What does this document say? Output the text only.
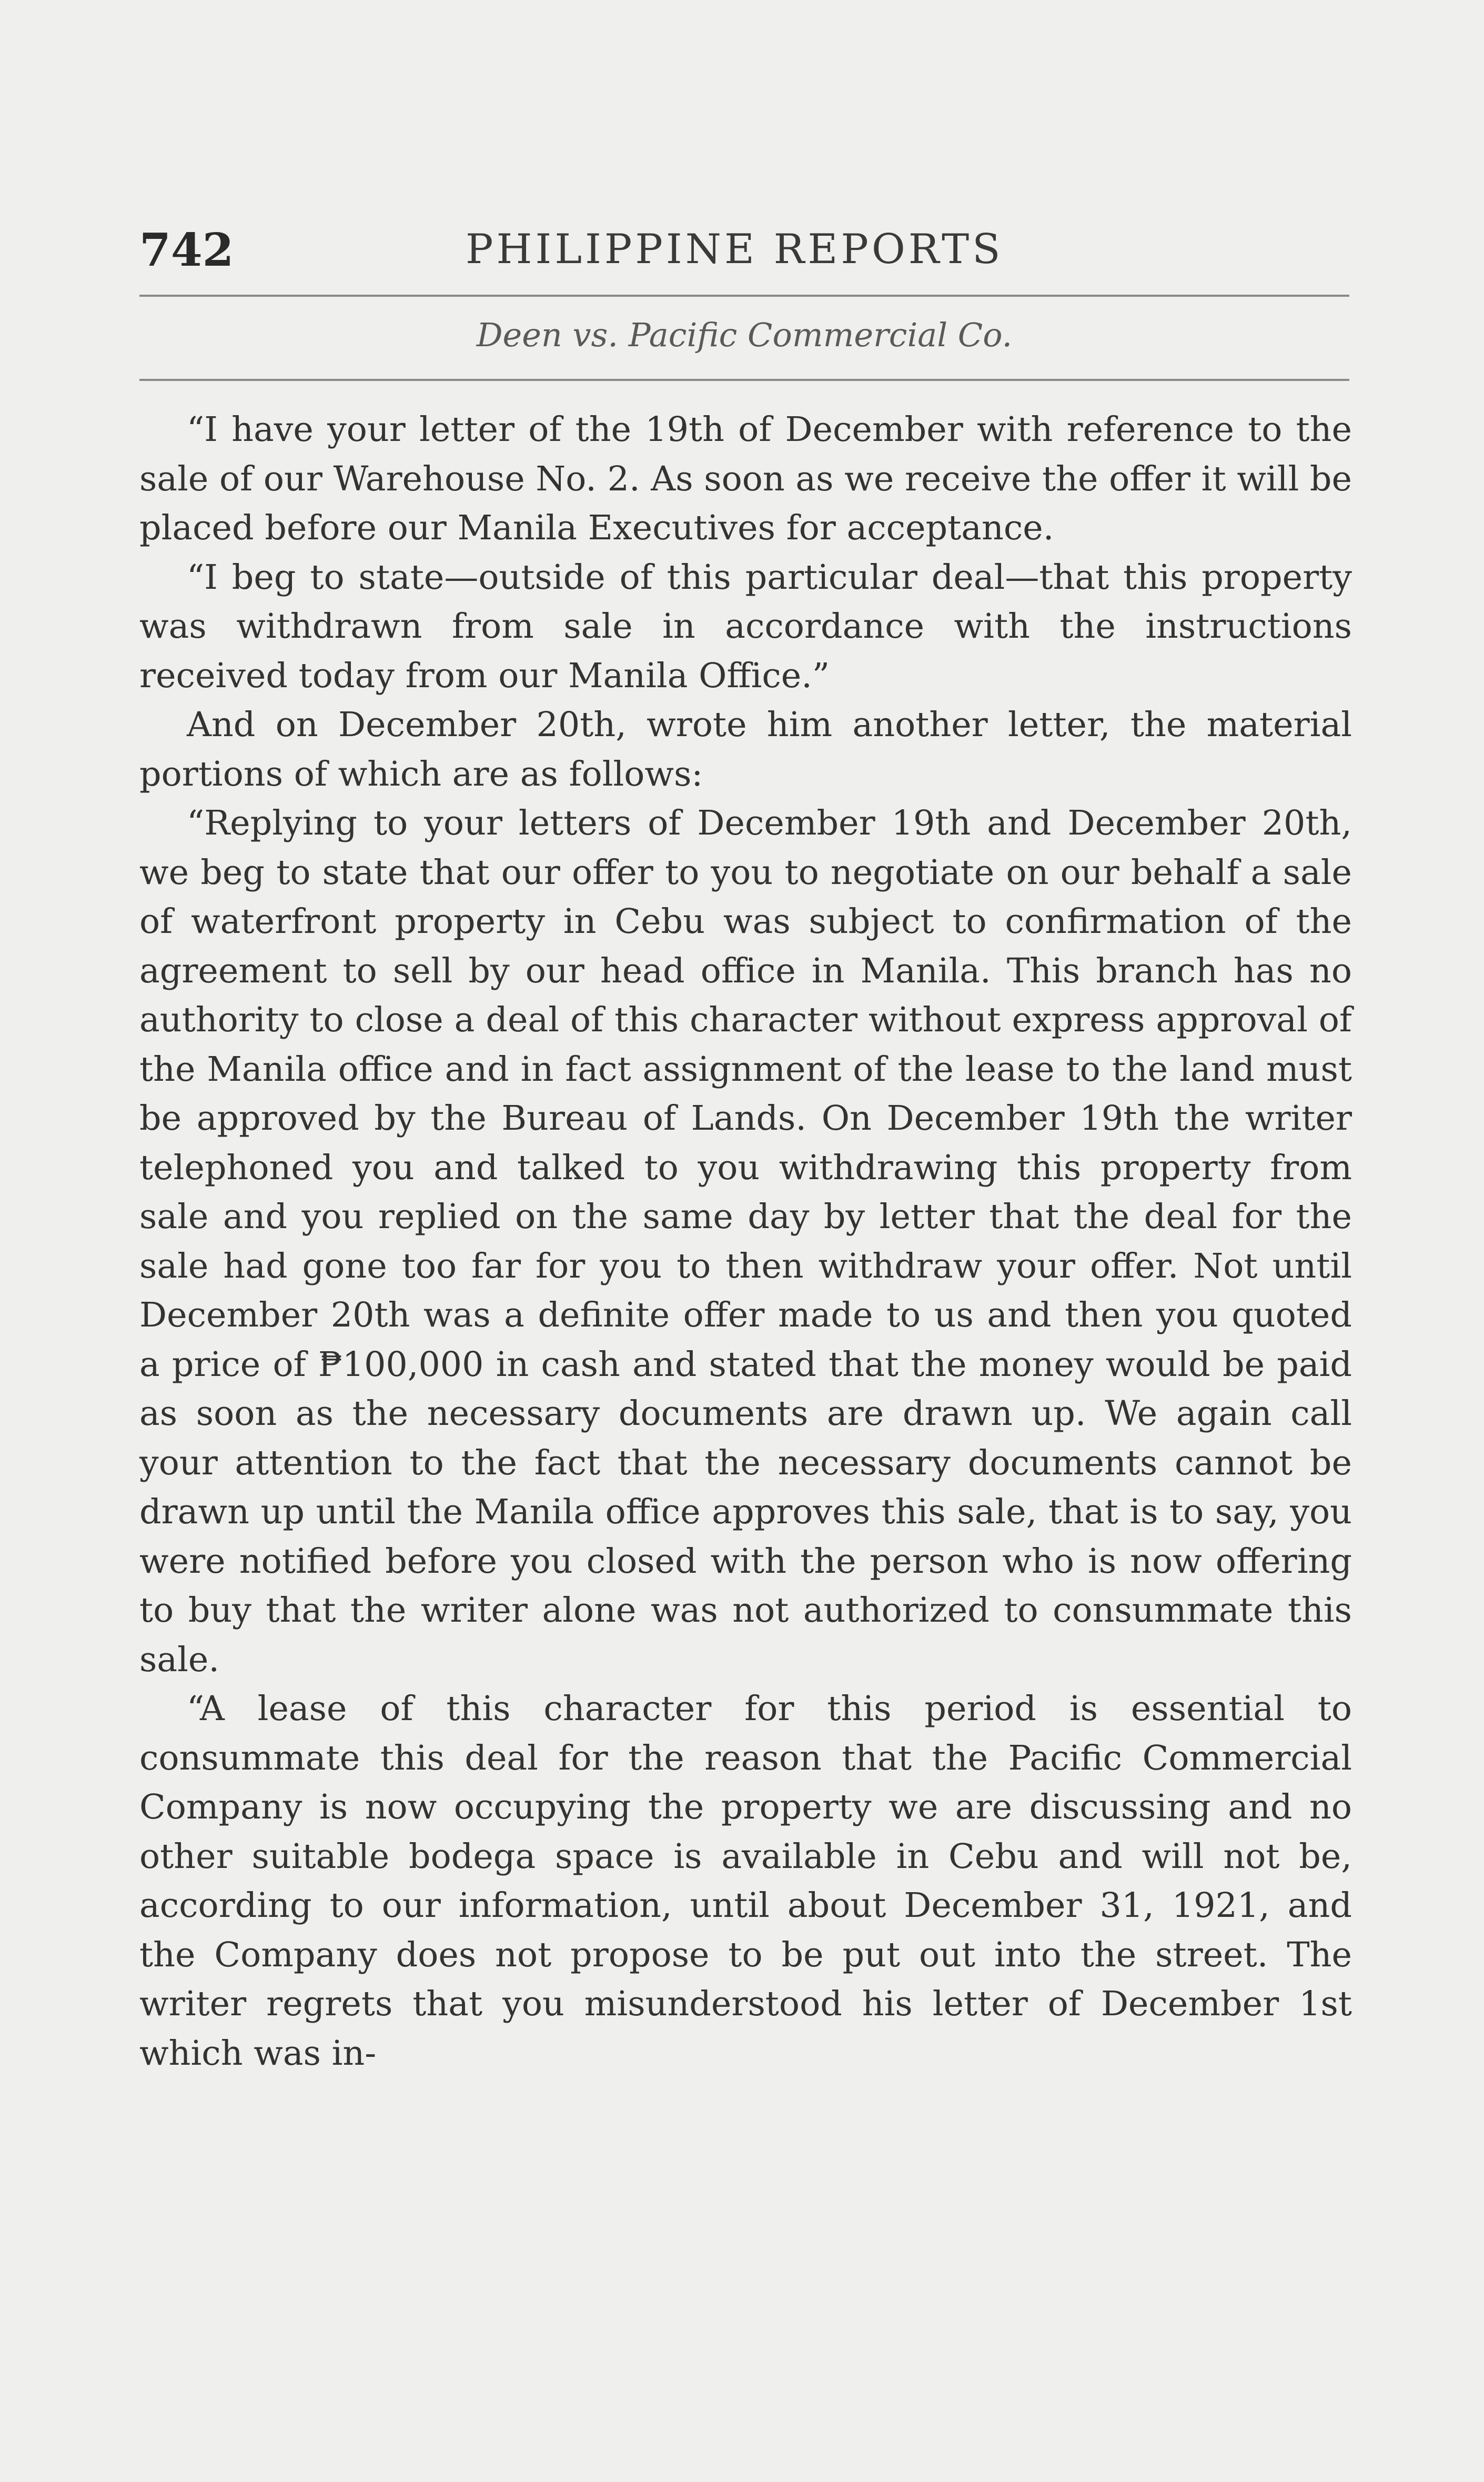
742	PHILIPPINE REPORTS
Deen vs. Pacific Commercial Co.

“I have your letter of the 19th of December with reference to the sale of our Warehouse No. 2. As soon as we receive the offer it will be placed before our Manila Executives for acceptance.

“I beg to state—outside of this particular deal—that this property was withdrawn from sale in accordance with the instructions received today from our Manila Office.”

And on December 20th, wrote him another letter, the material portions of which are as follows:

“Replying to your letters of December 19th and December 20th, we beg to state that our offer to you to negotiate on our behalf a sale of waterfront property in Cebu was subject to confirmation of the agreement to sell by our head office in Manila. This branch has no authority to close a deal of this character without express approval of the Manila office and in fact assignment of the lease to the land must be approved by the Bureau of Lands. On December 19th the writer telephoned you and talked to you withdrawing this property from sale and you replied on the same day by letter that the deal for the sale had gone too far for you to then withdraw your offer. Not until December 20th was a definite offer made to us and then you quoted a price of ₱100,000 in cash and stated that the money would be paid as soon as the necessary documents are drawn up. We again call your attention to the fact that the necessary documents cannot be drawn up until the Manila office approves this sale, that is to say, you were notified before you closed with the person who is now offering to buy that the writer alone was not authorized to consummate this sale.

“A lease of this character for this period is essential to consummate this deal for the reason that the Pacific Commercial Company is now occupying the property we are discussing and no other suitable bodega space is available in Cebu and will not be, according to our information, until about December 31, 1921, and the Company does not propose to be put out into the street. The writer regrets that you misunderstood his letter of December 1st which was in-
